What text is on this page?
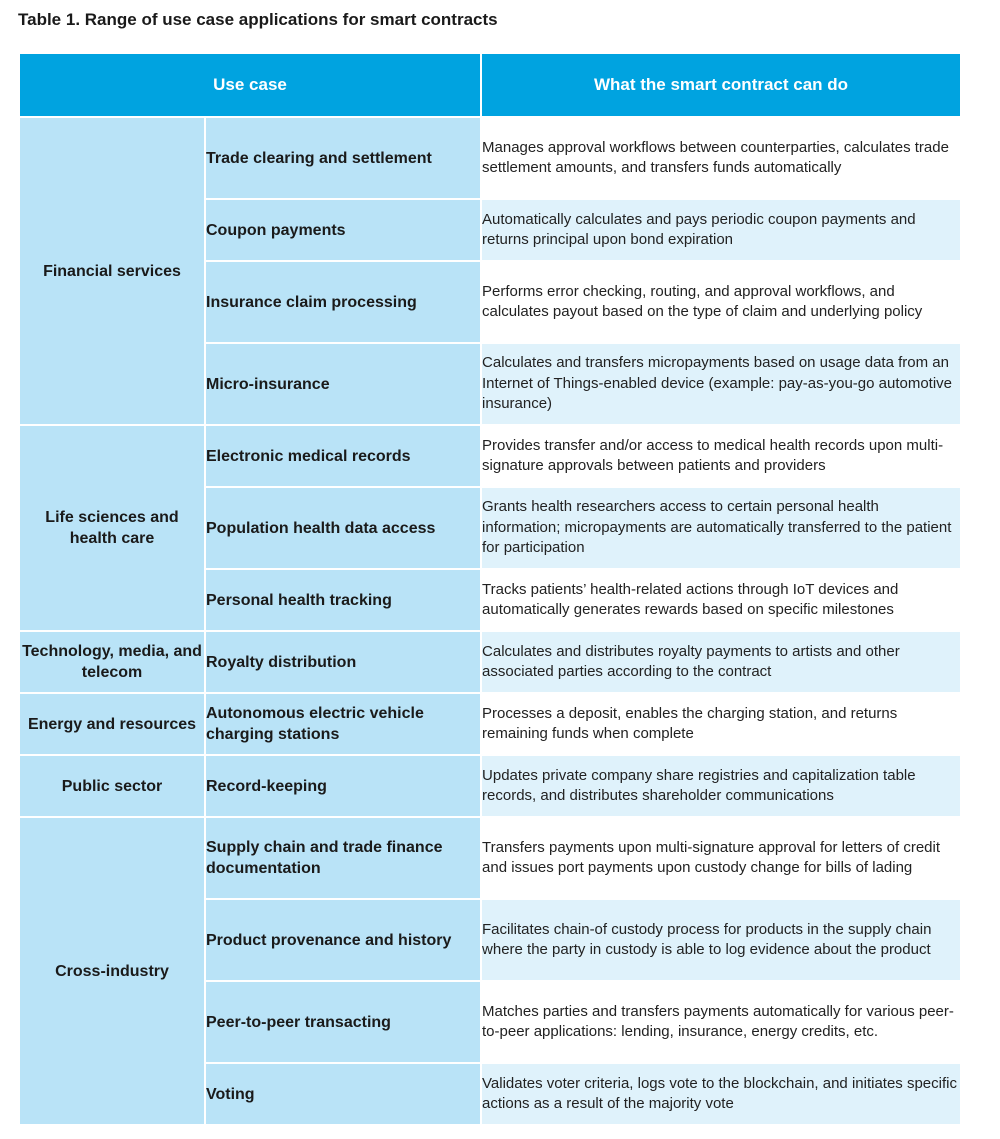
Table 1. Range of use case applications for smart contracts
Use case		What the smart contract can do
Financial services	Trade clearing and settlement	Manages approval workflows between counterparties, calculates trade settlement amounts, and transfers funds automatically
	Coupon payments	Automatically calculates and pays periodic coupon payments and returns principal upon bond expiration
	Insurance claim processing	Performs error checking, routing, and approval workflows, and calculates payout based on the type of claim and underlying policy
	Micro-insurance	Calculates and transfers micropayments based on usage data from an Internet of Things-enabled device (example: pay-as-you-go automotive insurance)
Life sciences and health care	Electronic medical records	Provides transfer and/or access to medical health records upon multi-signature approvals between patients and providers
	Population health data access	Grants health researchers access to certain personal health information; micropayments are automatically transferred to the patient for participation
	Personal health tracking	Tracks patients’ health-related actions through IoT devices and automatically generates rewards based on specific milestones
Technology, media, and telecom	Royalty distribution	Calculates and distributes royalty payments to artists and other associated parties according to the contract
Energy and resources	Autonomous electric vehicle charging stations	Processes a deposit, enables the charging station, and returns remaining funds when complete
Public sector	Record-keeping	Updates private company share registries and capitalization table records, and distributes shareholder communications
Cross-industry	Supply chain and trade finance documentation	Transfers payments upon multi-signature approval for letters of credit and issues port payments upon custody change for bills of lading
	Product provenance and history	Facilitates chain-of custody process for products in the supply chain where the party in custody is able to log evidence about the product
	Peer-to-peer transacting	Matches parties and transfers payments automatically for various peer-to-peer applications: lending, insurance, energy credits, etc.
	Voting	Validates voter criteria, logs vote to the blockchain, and initiates specific actions as a result of the majority vote
